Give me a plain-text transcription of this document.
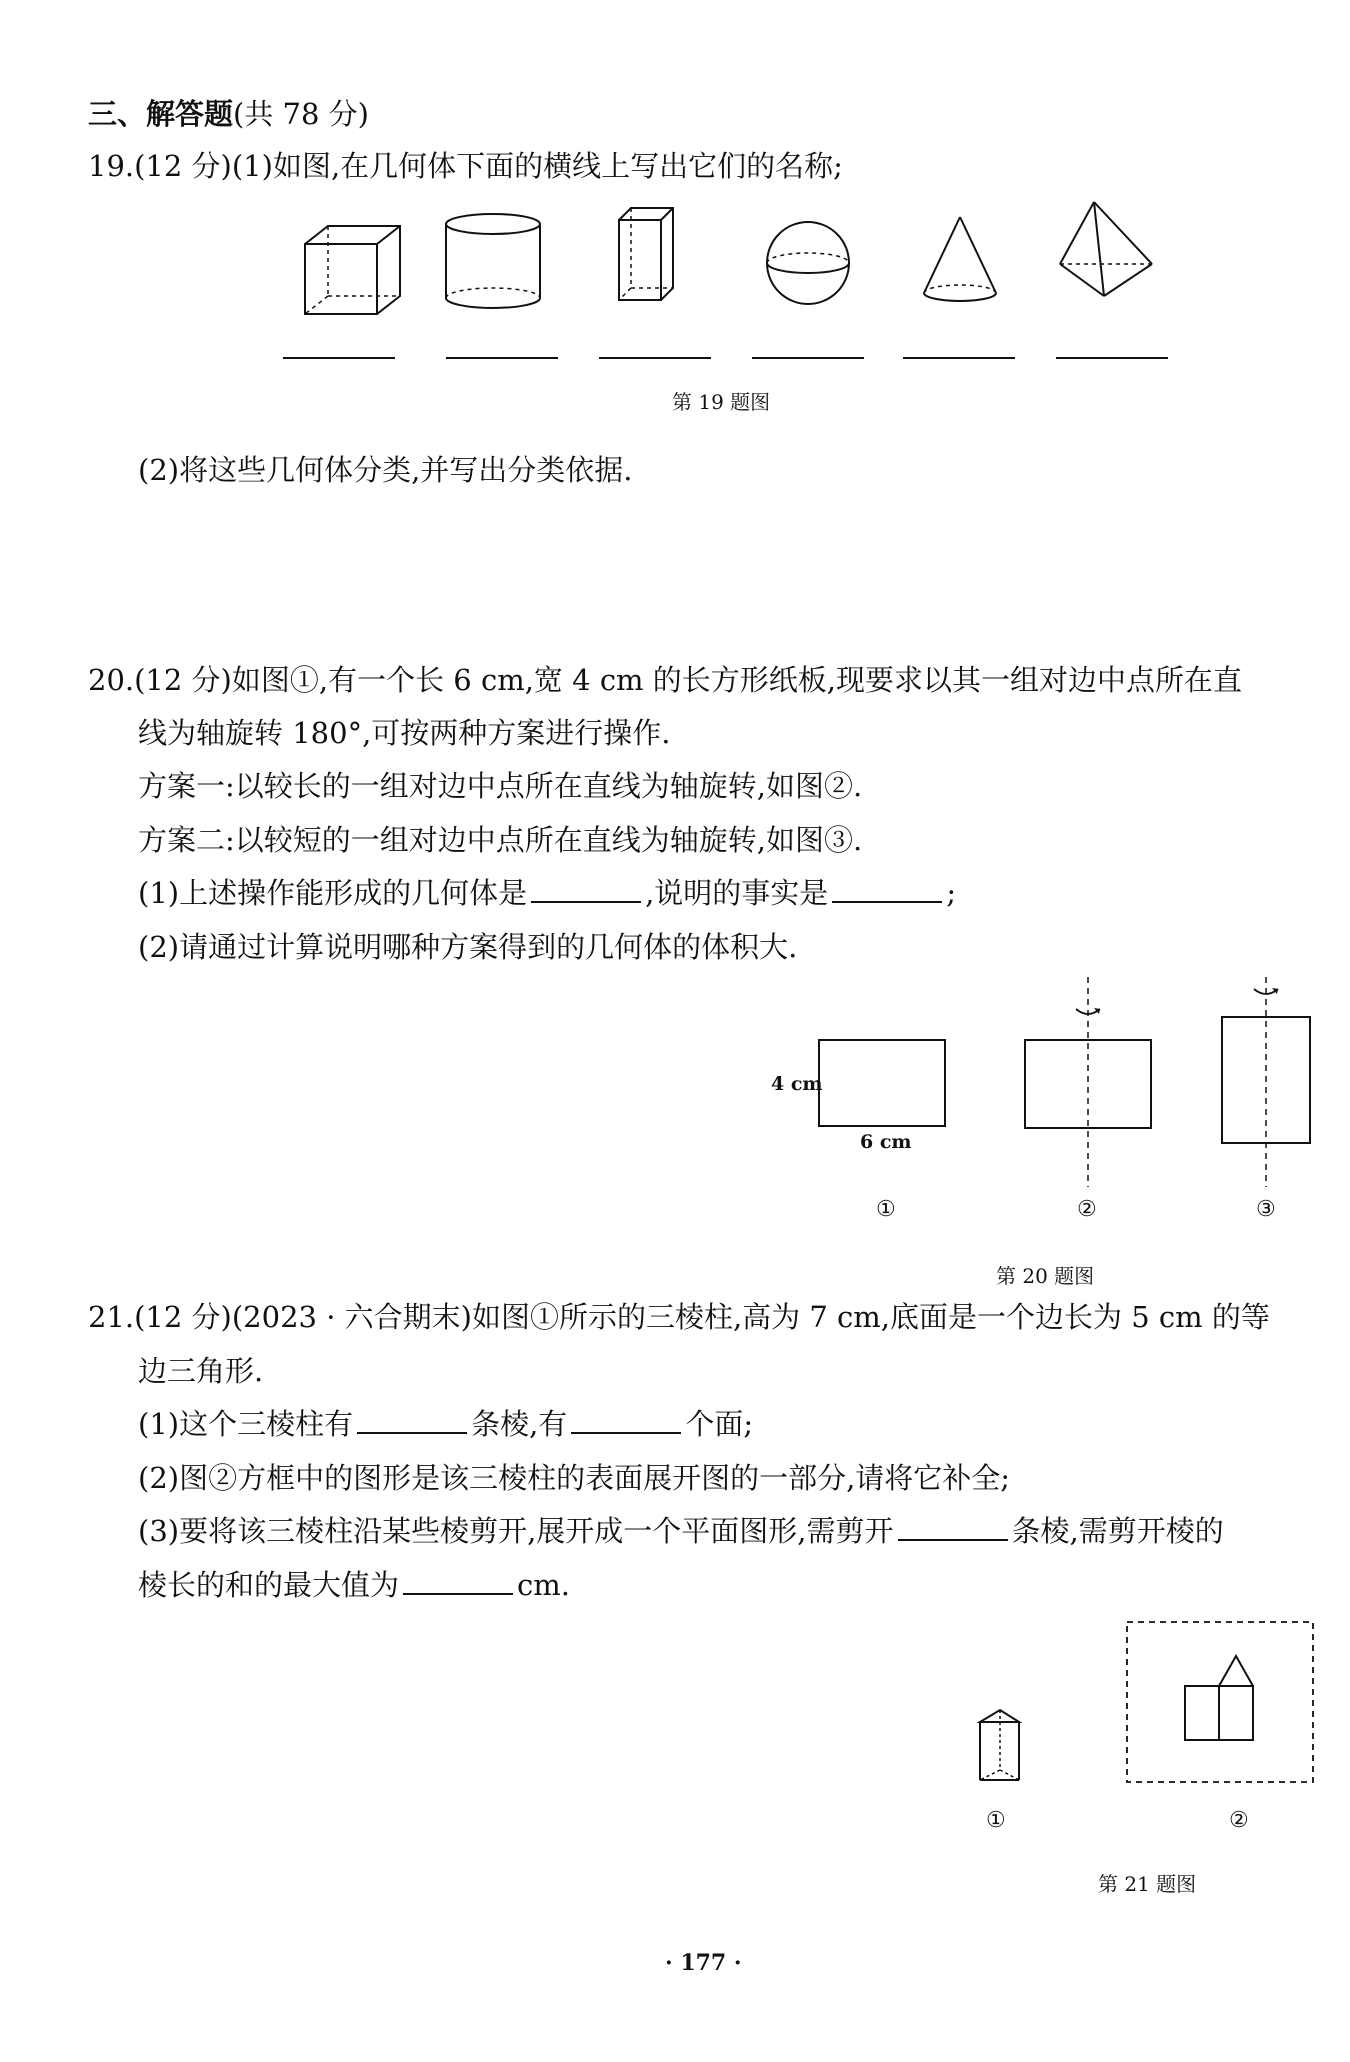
三、解答题(共 78 分)
19.(12 分)(1)如图,在几何体下面的横线上写出它们的名称;
第 19 题图
(2)将这些几何体分类,并写出分类依据.
20.(12 分)如图①,有一个长 6 cm,宽 4 cm 的长方形纸板,现要求以其一组对边中点所在直
线为轴旋转 180°,可按两种方案进行操作.
方案一:以较长的一组对边中点所在直线为轴旋转,如图②.
方案二:以较短的一组对边中点所在直线为轴旋转,如图③.
(1)上述操作能形成的几何体是	,说明的事实是	;
(2)请通过计算说明哪种方案得到的几何体的体积大.
4 cm
6 cm
①	②	③
第 20 题图
21.(12 分)(2023 · 六合期末)如图①所示的三棱柱,高为 7 cm,底面是一个边长为 5 cm 的等
边三角形.
(1)这个三棱柱有	条棱,有	个面;
(2)图②方框中的图形是该三棱柱的表面展开图的一部分,请将它补全;
(3)要将该三棱柱沿某些棱剪开,展开成一个平面图形,需剪开	条棱,需剪开棱的
棱长的和的最大值为	cm.
①	②
第 21 题图
· 177 ·
